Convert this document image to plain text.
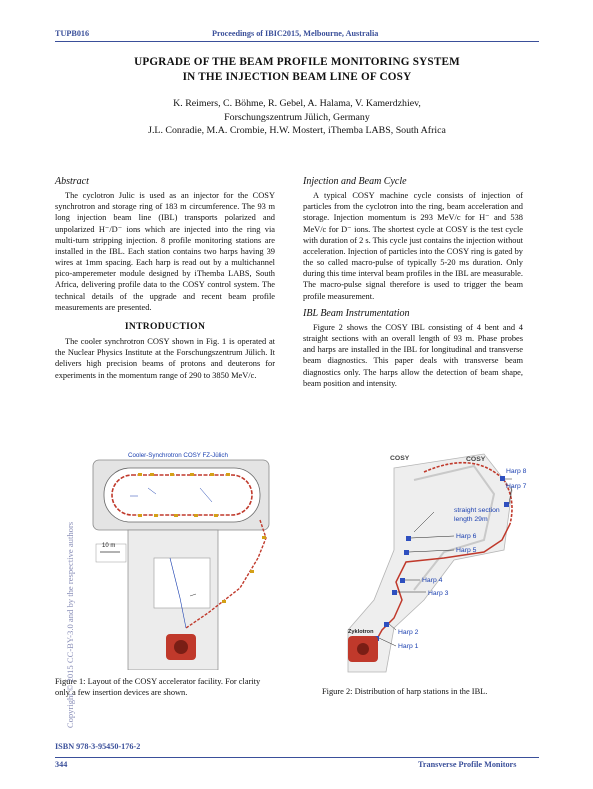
TUPB016	Proceedings of IBIC2015, Melbourne, Australia
UPGRADE OF THE BEAM PROFILE MONITORING SYSTEM
IN THE INJECTION BEAM LINE OF COSY
K. Reimers, C. Böhme, R. Gebel, A. Halama, V. Kamerdzhiev,
Forschungszentrum Jülich, Germany
J.L. Conradie, M.A. Crombie, H.W. Mostert, iThemba LABS, South Africa
Abstract

The cyclotron Julic is used as an injector for the COSY synchrotron and storage ring of 183 m circumference. The 93 m long injection beam line (IBL) transports polarized and unpolarized H⁻/D⁻ ions which are injected into the ring via multi-turn stripping injection. 8 profile monitoring stations are installed in the IBL. Each station contains two harps having 39 wires at 1mm spacing. Each harp is read out by a multichannel pico-amperemeter module designed by iThemba LABS, South Africa, delivering profile data to the COSY control system. The technical details of the upgrade and recent beam profile measurements are presented.

INTRODUCTION

The cooler synchrotron COSY shown in Fig. 1 is operated at the Nuclear Physics Institute at the Forschungszentrum Jülich. It delivers high precision beams of protons and deuterons for experiments in the momentum range of 290 to 3850 MeV/c.

Injection and Beam Cycle

A typical COSY machine cycle consists of injection of particles from the cyclotron into the ring, beam acceleration and storage. Injection momentum is 293 MeV/c for H⁻ and 538 MeV/c for D⁻ ions. The shortest cycle at COSY is the test cycle with duration of 2 s. This cycle just contains the injection without acceleration. Injection of particles into the COSY ring is gated by the so called macro-pulse of typically 5-20 ms duration. Only during this time interval beam profiles in the IBL are measurable. The macro-pulse signal therefore is used to trigger the beam profile measurement.

IBL Beam Instrumentation

Figure 2 shows the COSY IBL consisting of 4 bent and 4 straight sections with an overall length of 93 m. Phase probes and harps are installed in the IBL for longitudinal and transverse beam diagnostics. This paper deals with transverse beam diagnostics only. The harps allow the detection of beam shape, beam position and intensity.

Cooler-Synchrotron COSY FZ-Jülich
10 m
Figure 1: Layout of the COSY accelerator facility. For clarity only a few insertion devices are shown.
COSY
COSY
Harp 8
Harp 7
straight section
length 29m
Harp 6
Harp 5
Harp 4
Harp 3
Harp 2
Harp 1
Zyklotron
Figure 2: Distribution of harp stations in the IBL.
Copyright © 2015 CC-BY-3.0 and by the respective authors
ISBN 978-3-95450-176-2
344	Transverse Profile Monitors
